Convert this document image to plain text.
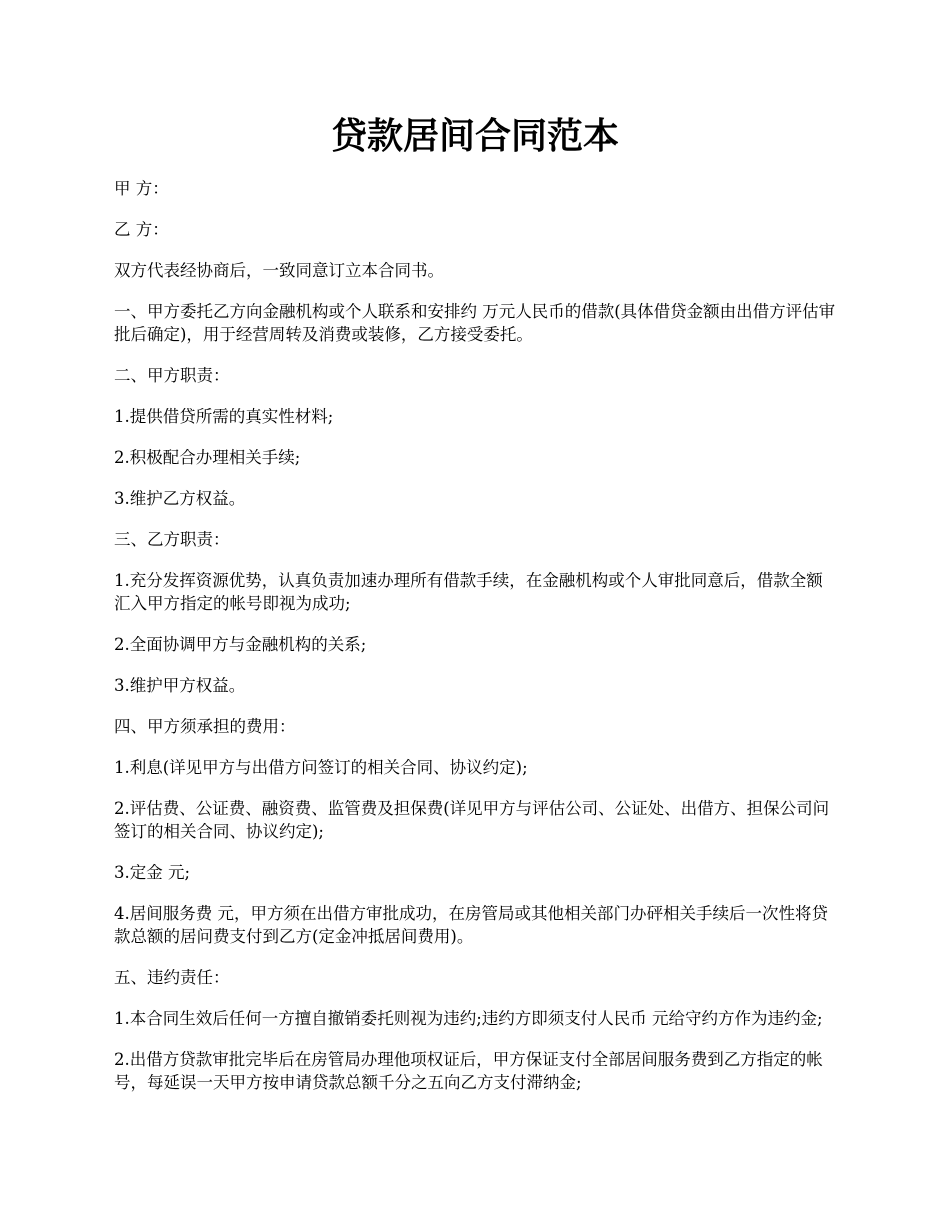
贷款居间合同范本

甲 方：

乙 方：

双方代表经协商后，一致同意订立本合同书。

一、甲方委托乙方向金融机构或个人联系和安排约 万元人民币的借款(具体借贷金额由出借方评估审批后确定)，用于经营周转及消费或装修，乙方接受委托。

二、甲方职责：

1.提供借贷所需的真实性材料;

2.积极配合办理相关手续;

3.维护乙方权益。

三、乙方职责：

1.充分发挥资源优势，认真负责加速办理所有借款手续，在金融机构或个人审批同意后，借款全额汇入甲方指定的帐号即视为成功;

2.全面协调甲方与金融机构的关系;

3.维护甲方权益。

四、甲方须承担的费用：

1.利息(详见甲方与出借方问签订的相关合同、协议约定);

2.评估费、公证费、融资费、监管费及担保费(详见甲方与评估公司、公证处、出借方、担保公司问签订的相关合同、协议约定);

3.定金 元;

4.居间服务费 元，甲方须在出借方审批成功，在房管局或其他相关部门办砰相关手续后一次性将贷款总额的居问费支付到乙方(定金冲抵居间费用)。

五、违约责任：

1.本合同生效后任何一方擅自撤销委托则视为违约;违约方即须支付人民币 元给守约方作为违约金;

2.出借方贷款审批完毕后在房管局办理他项权证后，甲方保证支付全部居间服务费到乙方指定的帐号，每延误一天甲方按申请贷款总额千分之五向乙方支付滞纳金;
